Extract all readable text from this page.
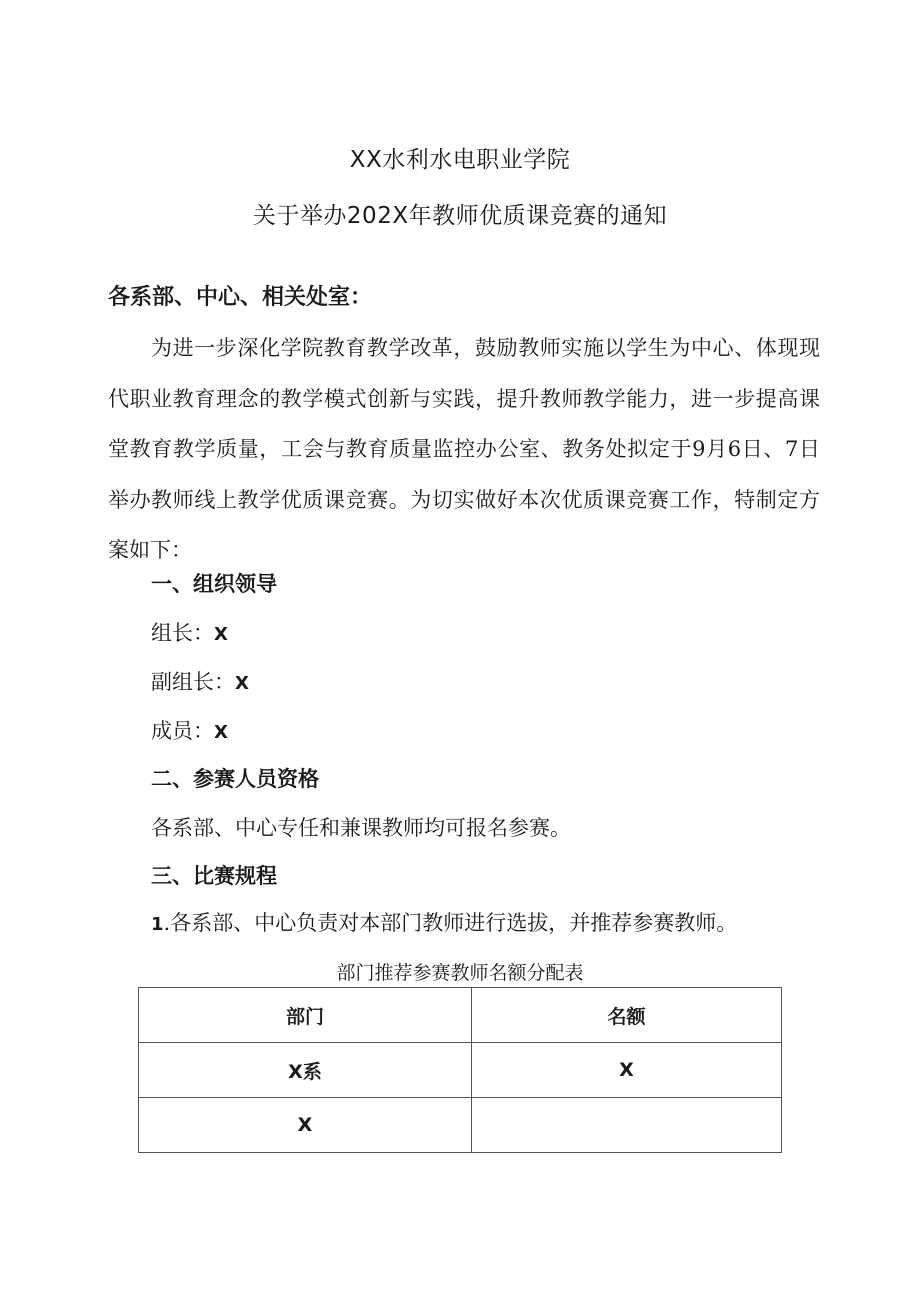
XX水利水电职业学院
关于举办202X年教师优质课竞赛的通知
各系部、中心、相关处室：

为进一步深化学院教育教学改革，鼓励教师实施以学生为中心、体现现代职业教育理念的教学模式创新与实践，提升教师教学能力，进一步提高课堂教育教学质量，工会与教育质量监控办公室、教务处拟定于9月6日、7日举办教师线上教学优质课竞赛。为切实做好本次优质课竞赛工作，特制定方案如下：

一、组织领导
组长：X
副组长：X
成员：X
二、参赛人员资格
各系部、中心专任和兼课教师均可报名参赛。
三、比赛规程
1.各系部、中心负责对本部门教师进行选拔，并推荐参赛教师。
部门推荐参赛教师名额分配表
部门	名额
X系	X
X	
